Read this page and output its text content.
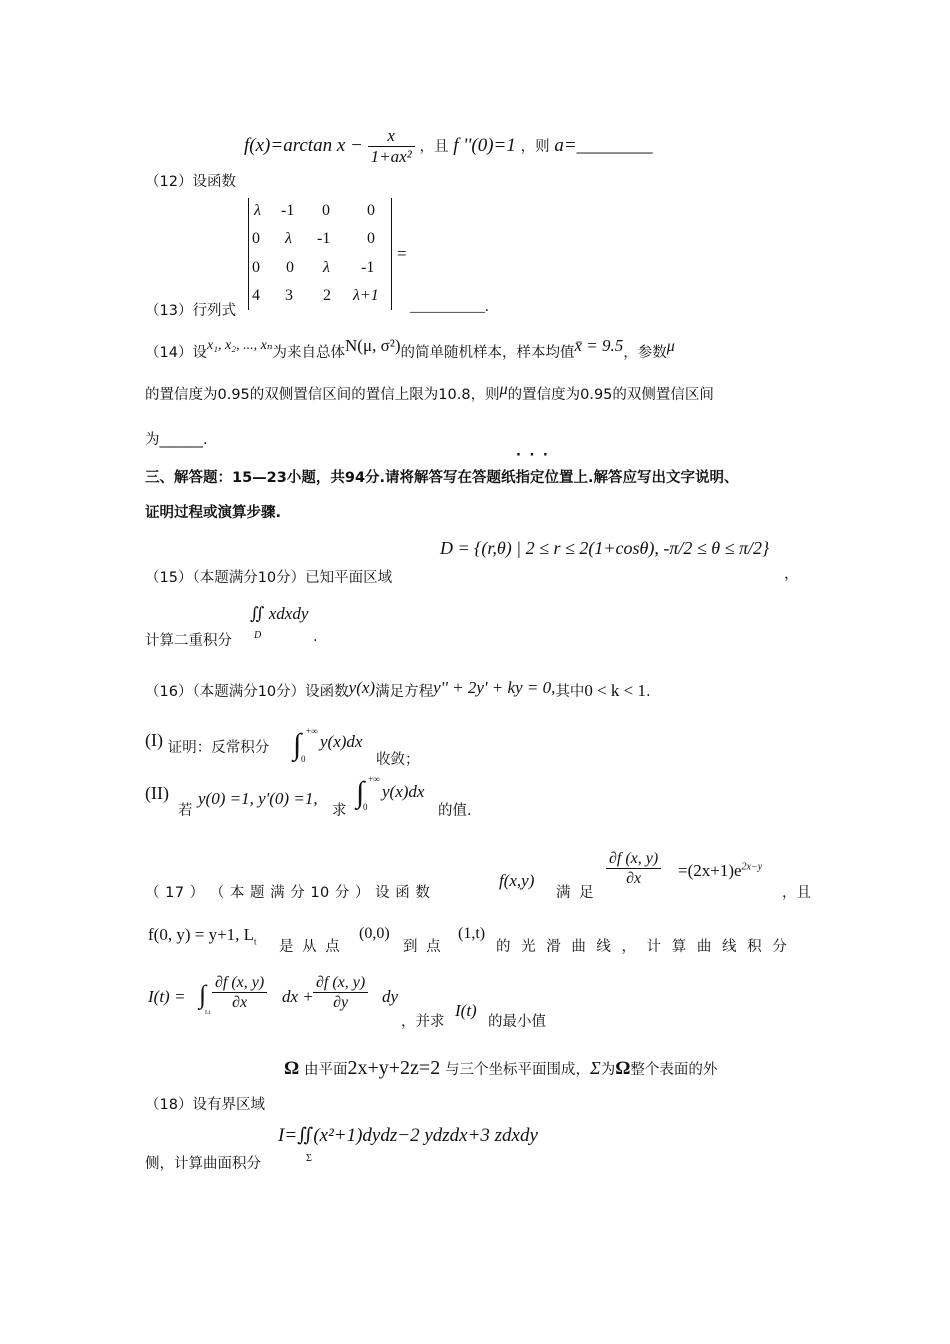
f(x)=arctan $x - \frac{x}{\text{1+ax²}}$ ，且 f ''(0)=1 ，则 a=________
（12）设函数
λ -1 0 0
0 λ -1 0
0 0 λ -1
4 3 2 λ+1
=
（13）行列式	__________.
（14）设x₁, x₂, ..., xₙ为来自总体N(μ, σ²)的简单随机样本，样本均值x̄ = 9.5，参数μ
的置信度为0.95的双侧置信区间的置信上限为10.8，则μ的置信度为0.95的双侧置信区间
为______.
· · ·
三、解答题：15—23小题，共94分.请将解答写在答题纸指定位置上.解答应写出文字说明、
证明过程或演算步骤.
D = {(r,θ) | 2 ≤ r ≤ 2(1+cosθ), -π/2 ≤ θ ≤ π/2}
，
（15）（本题满分10分）已知平面区域
∬ xdxdy
D
计算二重积分	.
（16）（本题满分10分）设函数y(x)满足方程y'' + 2y' + ky = 0,其中0 < k < 1.
(I) 证明：反常积分 ∫ +∞
0
y(x)dx
收敛；
(II)
若
y(0) =1, y'(0) =1,
求
∫ +∞
0
y(x)dx
的值.
（ 17 ） （ 本 题 满 分 10 分 ） 设 函 数
f(x,y)
满 足
$\frac{\partial f (x, y)}{\partial x} =(2x+1)e^{2x-y}$
，且
f(0, y) = y+1, $L_t$ 是 从 点
(0,0)
到 点
(1,t)
的 光 滑 曲 线 ， 计 算 曲 线 积 分
I(t) = ∫
Lt
$\frac{\partial f (x, y)}{\partial x}$ dx + $\frac{\partial f (x, y)}{\partial y}$ dy
，并求
I(t)
的最小值
Ω 由平面2x+y+2z=2 与三个坐标平面围成，Σ为Ω整个表面的外
（18）设有界区域
I=∬(x²+1)dydz−2 ydzdx+3 zdxdy
Σ
侧，计算曲面积分
